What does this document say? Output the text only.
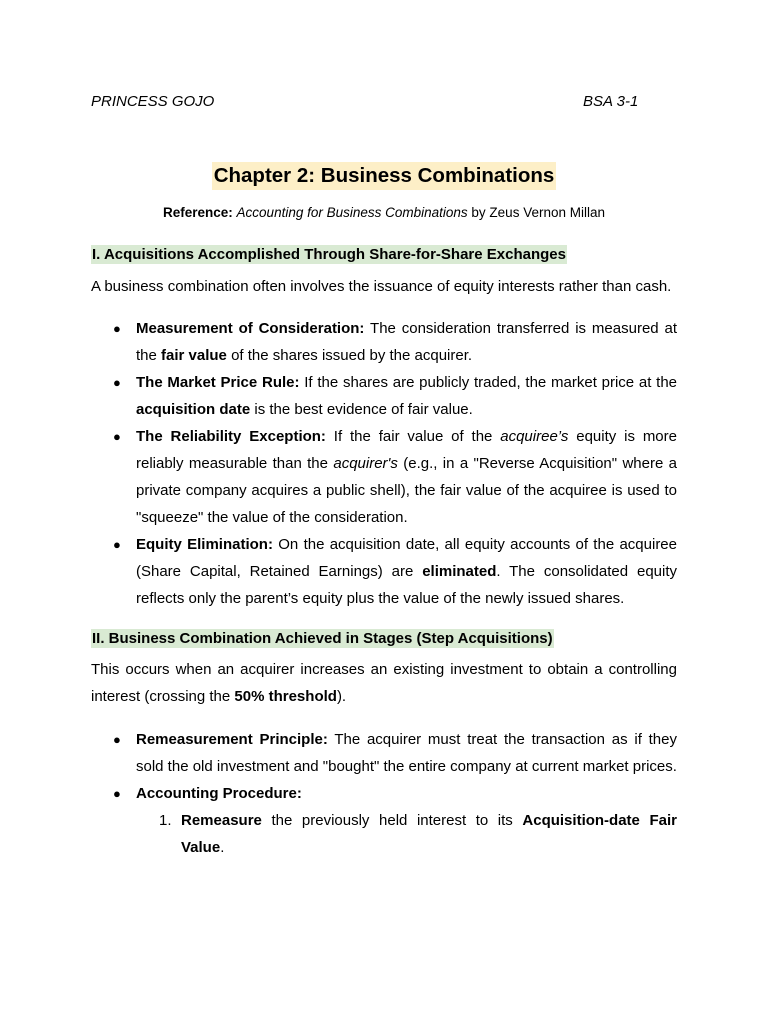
PRINCESS GOJO	BSA 3-1
Chapter 2: Business Combinations
Reference: Accounting for Business Combinations by Zeus Vernon Millan
I. Acquisitions Accomplished Through Share-for-Share Exchanges
A business combination often involves the issuance of equity interests rather than cash.
● Measurement of Consideration: The consideration transferred is measured at the fair value of the shares issued by the acquirer.
● The Market Price Rule: If the shares are publicly traded, the market price at the acquisition date is the best evidence of fair value.
● The Reliability Exception: If the fair value of the acquiree’s equity is more reliably measurable than the acquirer's (e.g., in a "Reverse Acquisition" where a private company acquires a public shell), the fair value of the acquiree is used to "squeeze" the value of the consideration.
● Equity Elimination: On the acquisition date, all equity accounts of the acquiree (Share Capital, Retained Earnings) are eliminated. The consolidated equity reflects only the parent’s equity plus the value of the newly issued shares.
II. Business Combination Achieved in Stages (Step Acquisitions)
This occurs when an acquirer increases an existing investment to obtain a controlling interest (crossing the 50% threshold).
● Remeasurement Principle: The acquirer must treat the transaction as if they sold the old investment and "bought" the entire company at current market prices.
● Accounting Procedure:
1. Remeasure the previously held interest to its Acquisition-date Fair Value.
